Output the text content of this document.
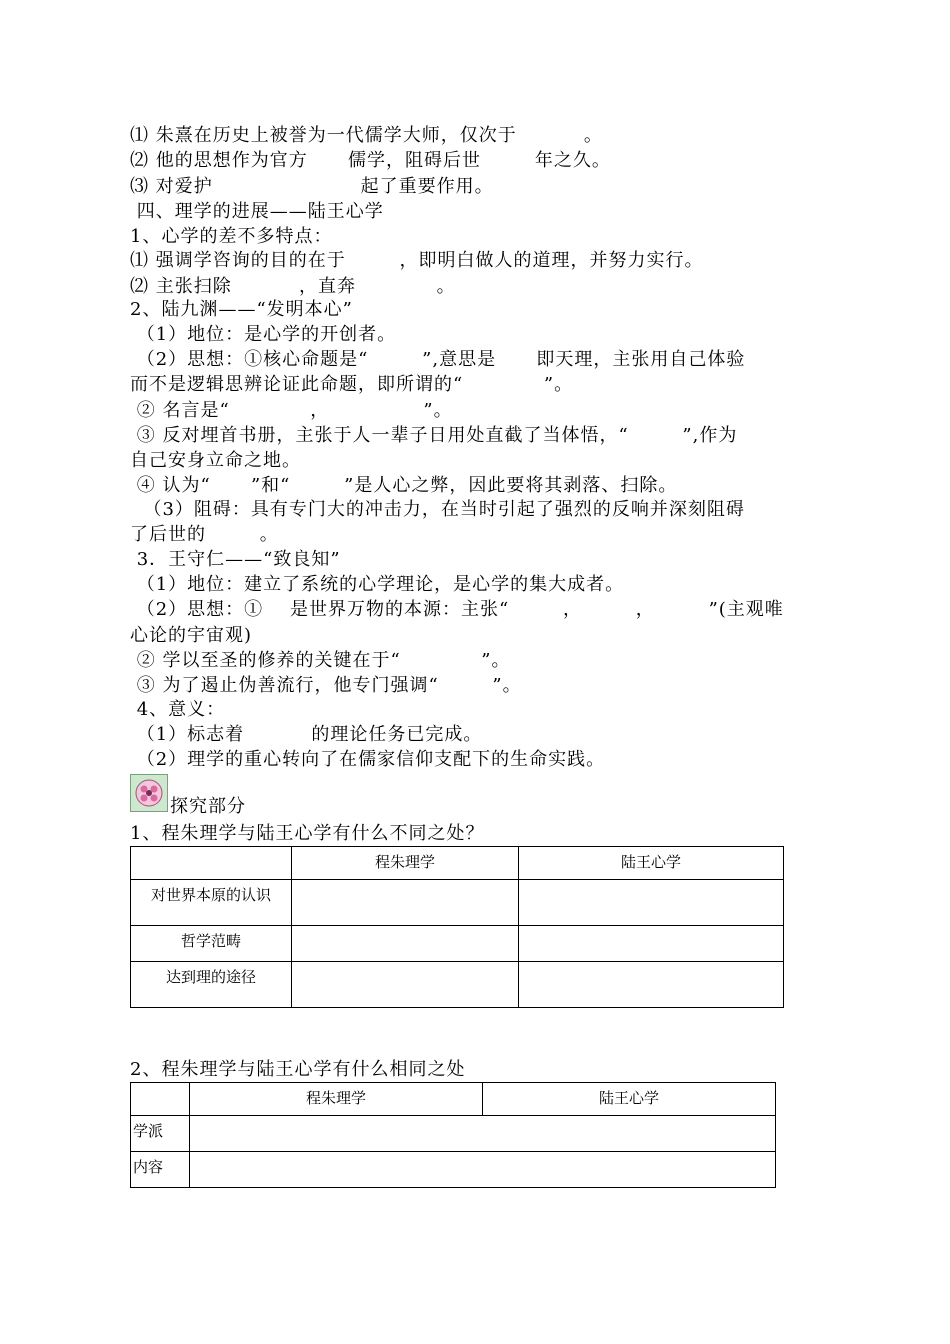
⑴ 朱熹在历史上被誉为一代儒学大师，仅次于          。
⑵ 他的思想作为官方      儒学，阻碍后世        年之久。
⑶ 对爱护                      起了重要作用。
四、理学的进展——陆王心学
1、心学的差不多特点：
⑴ 强调学咨询的目的在于        ，即明白做人的道理，并努力实行。
⑵ 主张扫除          ，直奔            。
2、陆九渊——“发明本心”
（1）地位：是心学的开创者。
（2）思想：①核心命题是“        ”,意思是      即天理，主张用自己体验
而不是逻辑思辨论证此命题，即所谓的“            ”。
② 名言是“            ，              ”。
③ 反对埋首书册，主张于人一辈子日用处直截了当体悟，“        ”,作为
自己安身立命之地。
④ 认为“      ”和“        ”是人心之弊，因此要将其剥落、扫除。
（3）阻碍：具有专门大的冲击力，在当时引起了强烈的反响并深刻阻碍
了后世的        。
3．王守仁——“致良知”
（1）地位：建立了系统的心学理论，是心学的集大成者。
（2）思想：①    是世界万物的本源：主张“        ，        ，        ”(主观唯
心论的宇宙观)
② 学以至圣的修养的关键在于“            ”。
③ 为了遏止伪善流行，他专门强调“        ”。
4、意义：
（1）标志着          的理论任务已完成。
（2）理学的重心转向了在儒家信仰支配下的生命实践。
探究部分
1、程朱理学与陆王心学有什么不同之处？
	程朱理学	陆王心学
对世界本原的认识		
哲学范畴		
达到理的途径		
2、程朱理学与陆王心学有什么相同之处
	程朱理学	陆王心学
学派		
内容		
